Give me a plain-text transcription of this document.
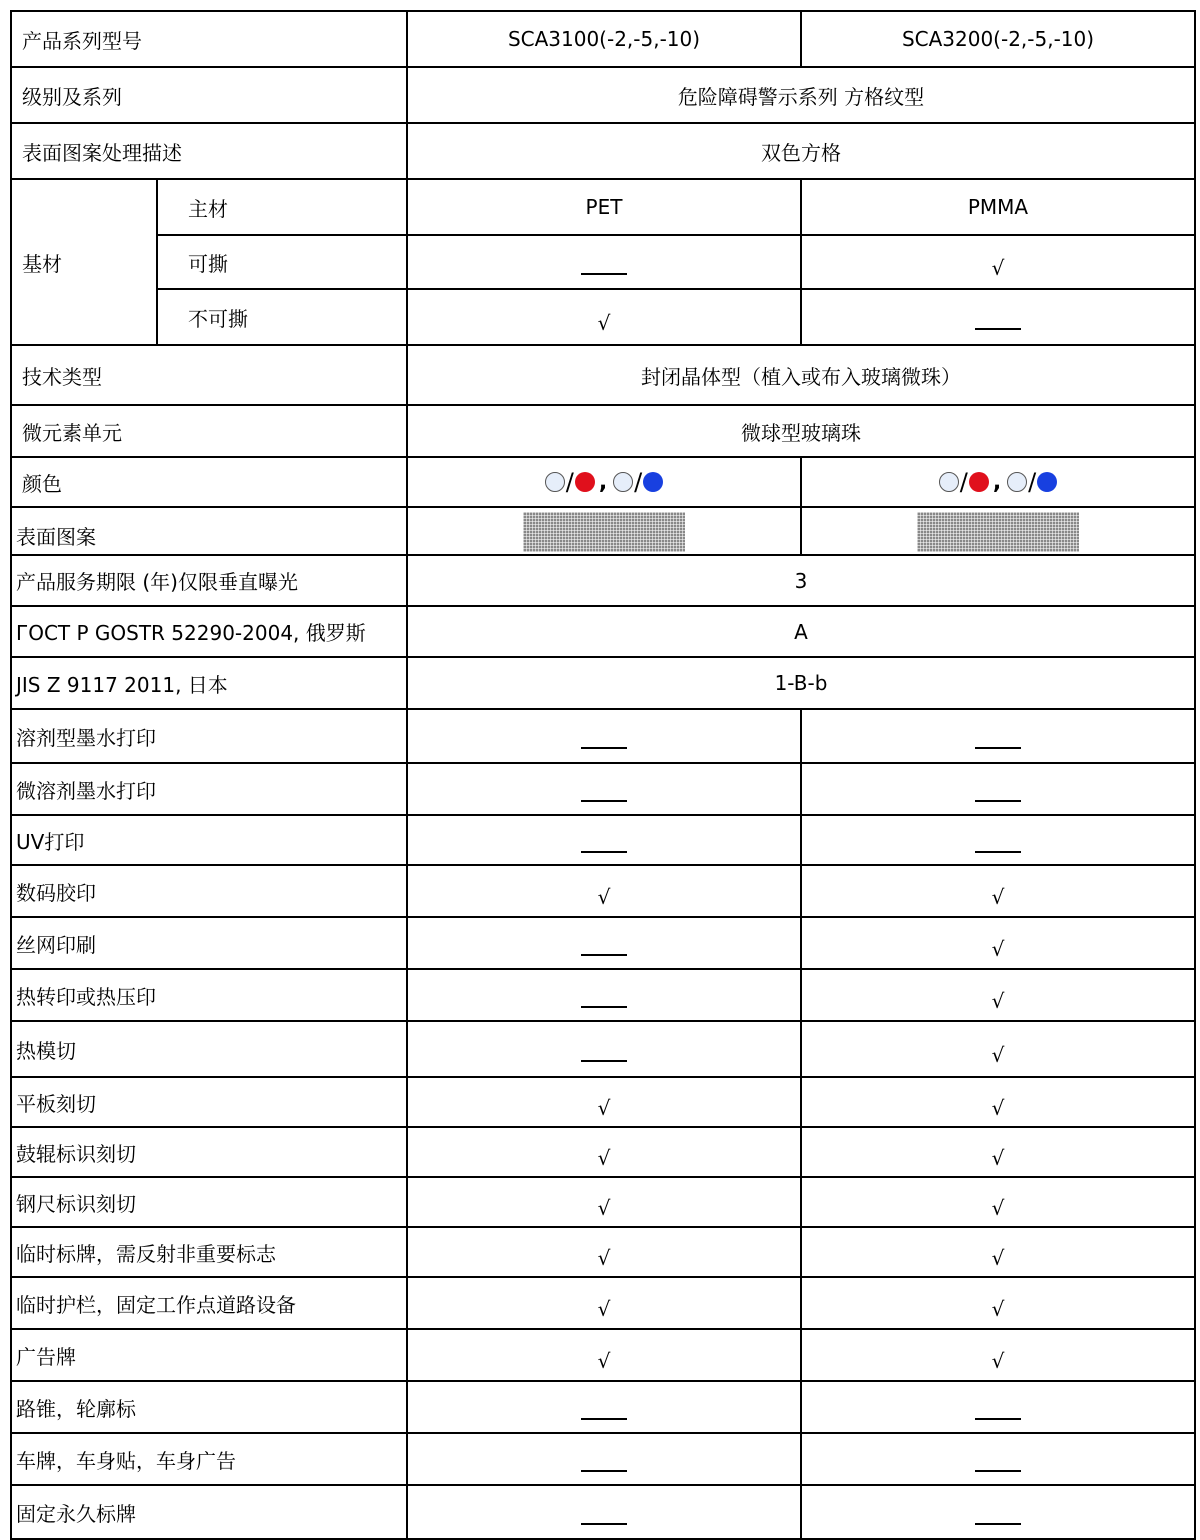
产品系列型号		SCA3100(-2,-5,-10)	SCA3200(-2,-5,-10)
级别及系列		危险障碍警示系列 方格纹型	
表面图案处理描述		双色方格	
基材	主材	PET	PMMA
	可撕		√
	不可撕	√	
技术类型		封闭晶体型（植入或布入玻璃微珠）	
微元素单元		微球型玻璃珠	
颜色		/ , /	/ , /
表面图案		

产品服务期限 (年)仅限垂直曝光		3	
ГОСТ Р GOSTR 52290-2004, 俄罗斯		A	
JIS Z 9117 2011, 日本		1-B-b	
溶剂型墨水打印			
微溶剂墨水打印			
UV打印			
数码胶印		√	√
丝网印刷			√
热转印或热压印			√
热模切			√
平板刻切		√	√
鼓辊标识刻切		√	√
钢尺标识刻切		√	√
临时标牌，需反射非重要标志		√	√
临时护栏，固定工作点道路设备		√	√
广告牌		√	√
路锥，轮廓标			
车牌，车身贴，车身广告			
固定永久标牌			
